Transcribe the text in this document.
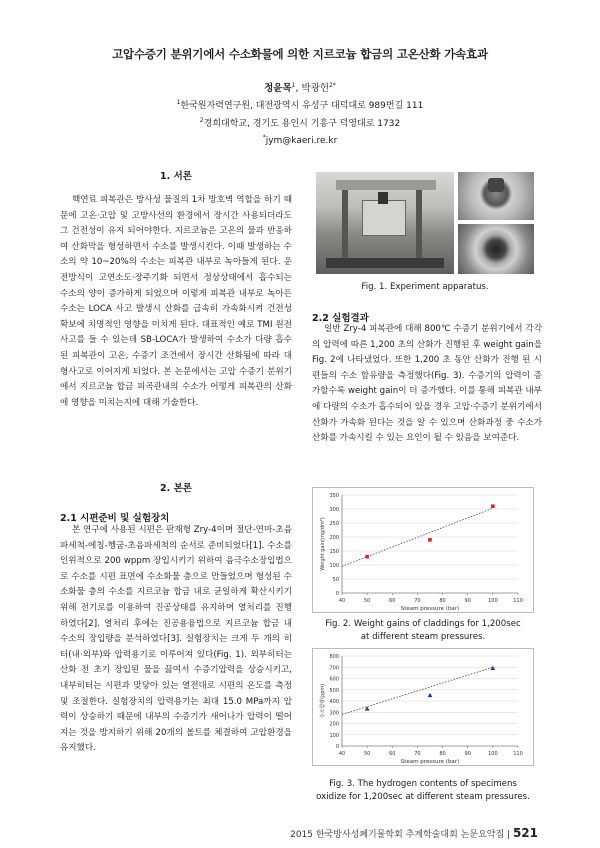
고압수증기 분위기에서 수소화물에 의한 지르코늄 합금의 고온산화 가속효과
정윤목$^1$, 박광헌$^{2*}$
$^1$한국원자력연구원, 대전광역시 유성구 대덕대로 989번길 111
$^2$경희대학교, 경기도 용인시 기흥구 덕영대로 1732
*jym@kaeri.re.kr
1. 서론

핵연료 피복관은 방사성 물질의 1차 방호벽 역할을 하기 때문에 고온·고압 및 고방사선의 환경에서 장시간 사용되더라도 그 건전성이 유지 되어야한다. 지르코늄은 고온의 물과 반응하여 산화막을 형성하면서 수소를 발생시킨다. 이때 발생하는 수소의 약 10~20%의 수소는 피복관 내부로 녹아들게 된다. 운전방식이 고연소도·장주기화 되면서 정상상태에서 흡수되는 수소의 양이 증가하게 되었으며 이렇게 피복관 내부로 녹아든 수소는 LOCA 사고 발생시 산화를 급속히 가속화시켜 건전성 확보에 치명적인 영향을 미치게 된다. 대표적인 예로 TMI 원전사고를 들 수 있는데 SB-LOCA가 발생하여 수소가 다량 흡수된 피복관이 고온, 수증기 조건에서 장시간 산화됨에 따라 대형사고로 이어지게 되었다. 본 논문에서는 고압 수증기 분위기에서 지르코늄 합금 피곡관내의 수소가 어떻게 피복관의 산화에 영향을 미치는지에 대해 기술한다.

2. 본론
2.1 시편준비 및 실험장치

본 연구에 사용된 시편은 판재형 Zry-4이며 절단-연마-초음파세척-에칭-헹굼-초음파세척의 순서로 준비되었다[1]. 수소를 인위적으로 200 wppm 장입시키기 위하여 음극수소장입법으로 수소를 시편 표면에 수소화물 층으로 만들었으며 형성된 수소화물 층의 수소를 지르코늄 합금 내로 균일하게 확산시키기 위해 전기로를 이용하여 진공상태를 유지하며 열처리를 진행 하였다[2]. 열처리 후에는 진공용융법으로 지르코늄 합금 내 수소의 장입량을 분석하였다[3]. 실험장치는 크게 두 개의 히터(내·외부)와 압력용기로 이루어져 있다(Fig. 1). 외부히터는 산화 전 초기 장입된 물을 끓여서 수증기압력을 상승시키고, 내부히터는 시편과 맞닿아 있는 열전대로 시편의 온도를 측정 및 조절한다. 실험장치의 압력용기는 최대 15.0 MPa까지 압력이 상승하기 때문에 내부의 수증기가 새어나가 압력이 떨어지는 것을 방지하기 위해 20개의 볼트를 체결하여 고압환경을 유지했다.

Fig. 1. Experiment apparatus.
2.2 실험결과

일반 Zry-4 피복관에 대해 800℃ 수증기 분위기에서 각각의 압력에 따른 1,200 초의 산화가 진행된 후 weight gain을 Fig. 2에 나타냈었다. 또한 1,200 초 동안 산화가 진행 된 시편들의 수소 함유량을 측정했다(Fig. 3). 수증기의 압력이 증가할수록 weight gain이 더 증가했다. 이를 통해 피복관 내부에 다량의 수소가 흡수되어 있을 경우 고압·수증기 분위기에서 산화가 가속화 된다는 것을 알 수 있으며 산화과정 중 수소가 산화를 가속시킬 수 있는 요인이 될 수 있음을 보여준다.

0
50
100
150
200
250
300
350
40	50	60	70	80	90	100	110
Steam pressure (bar)
Weight gain(mg/dm²)
Fig. 2. Weight gains of claddings for 1,200sec
at different steam pressures.
0
100
200
300
400
500
600
700
800
40	50	60	70	80	90	100	110
Steam pressure (bar)
수소함량(ppm)
Fig. 3. The hydrogen contents of specimens
oxidize for 1,200sec at different steam pressures.
2015 한국방사성폐기물학회 추계학술대회 논문요약집 | 521
